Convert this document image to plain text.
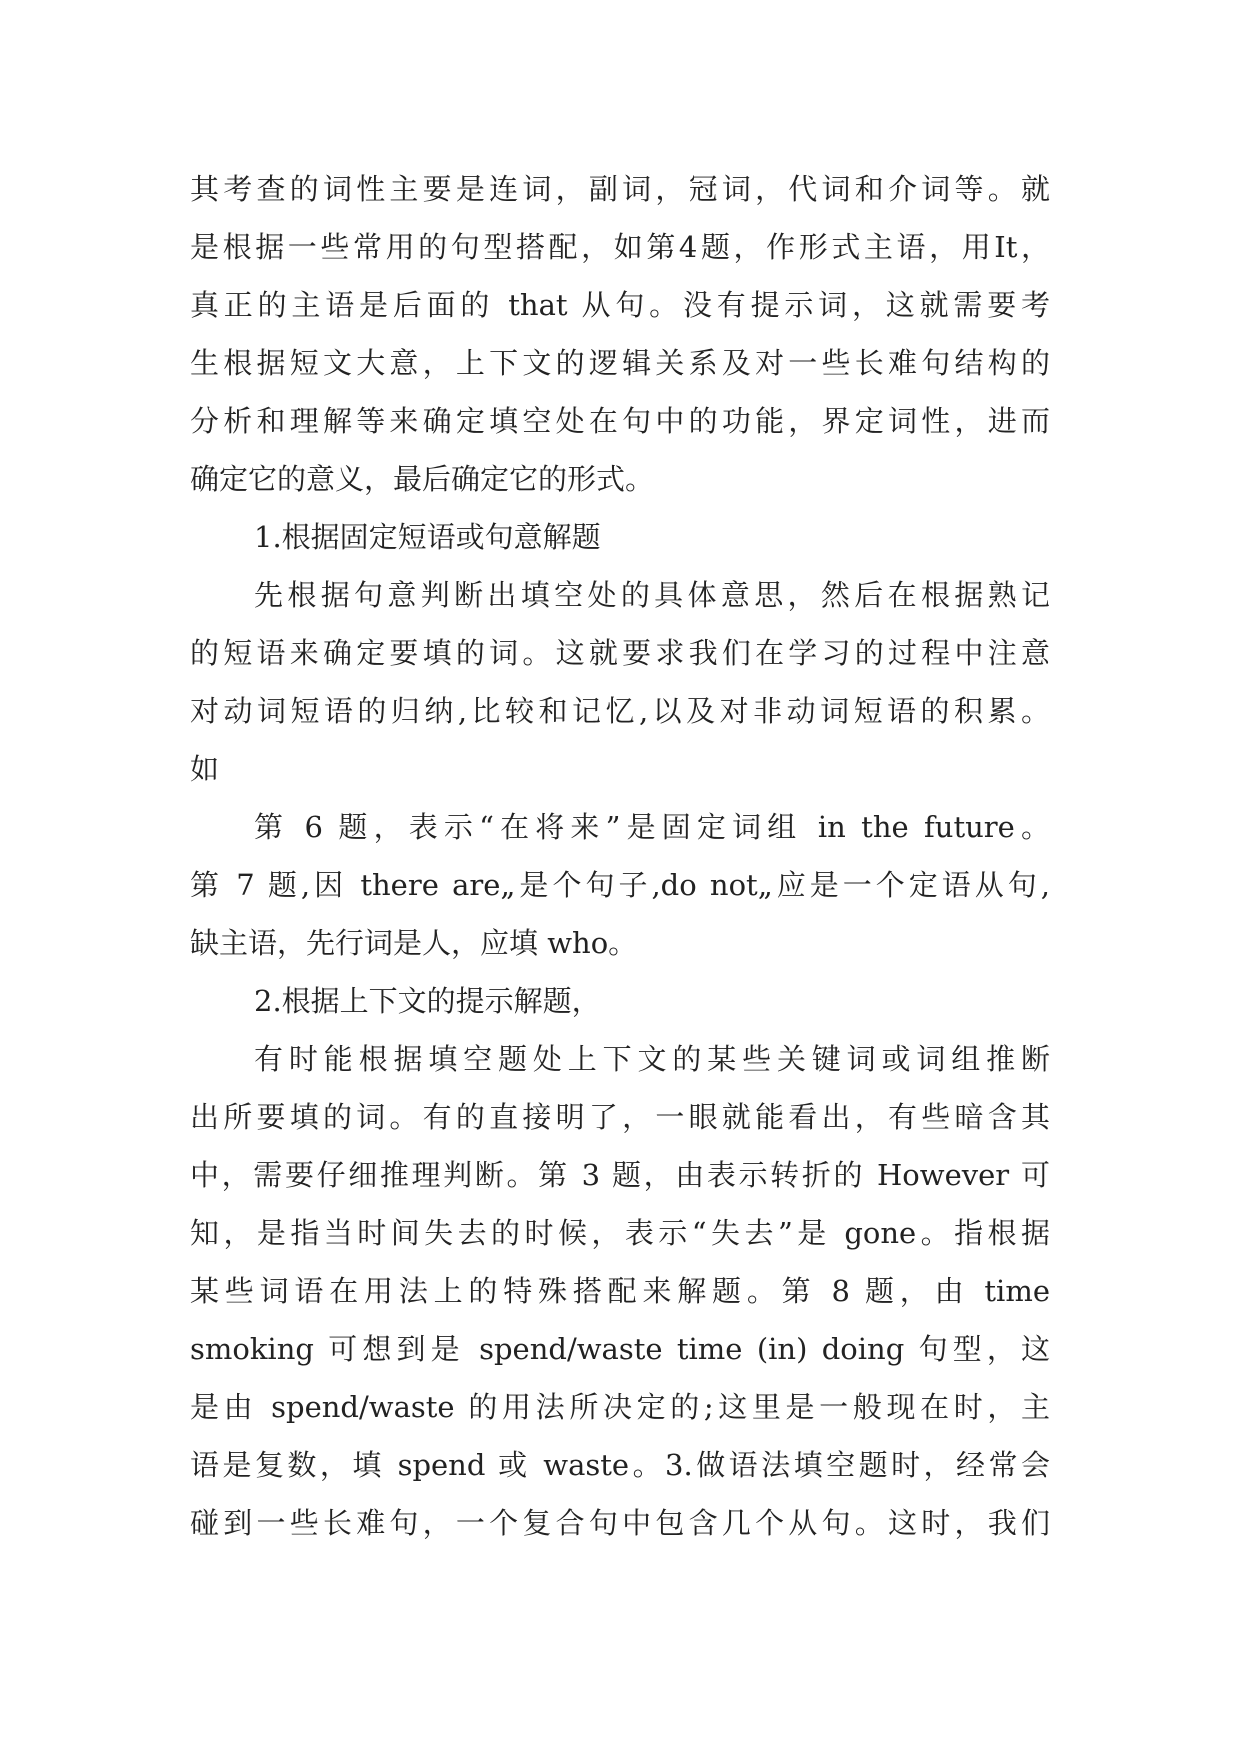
其考查的词性主要是连词，副词，冠词，代词和介词等。就
是根据一些常用的句型搭配，如第4题，作形式主语，用It，
真正的主语是后面的 that 从句。没有提示词，这就需要考
生根据短文大意，上下文的逻辑关系及对一些长难句结构的
分析和理解等来确定填空处在句中的功能，界定词性，进而
确定它的意义，最后确定它的形式。
1.根据固定短语或句意解题
先根据句意判断出填空处的具体意思，然后在根据熟记
的短语来确定要填的词。这就要求我们在学习的过程中注意
对动词短语的归纳,比较和记忆,以及对非动词短语的积累。
如
第 6 题，表示“在将来”是固定词组 in the future。
第 7 题,因 there are„是个句子,do not„应是一个定语从句,
缺主语，先行词是人，应填 who。
2.根据上下文的提示解题，
有时能根据填空题处上下文的某些关键词或词组推断
出所要填的词。有的直接明了，一眼就能看出，有些暗含其
中，需要仔细推理判断。第 3 题，由表示转折的 However 可
知，是指当时间失去的时候，表示“失去”是 gone。指根据
某些词语在用法上的特殊搭配来解题。第 8 题，由 time
smoking 可想到是 spend/waste time (in) doing 句型，这
是由 spend/waste 的用法所决定的;这里是一般现在时，主
语是复数，填 spend 或 waste。3.做语法填空题时，经常会
碰到一些长难句，一个复合句中包含几个从句。这时，我们
